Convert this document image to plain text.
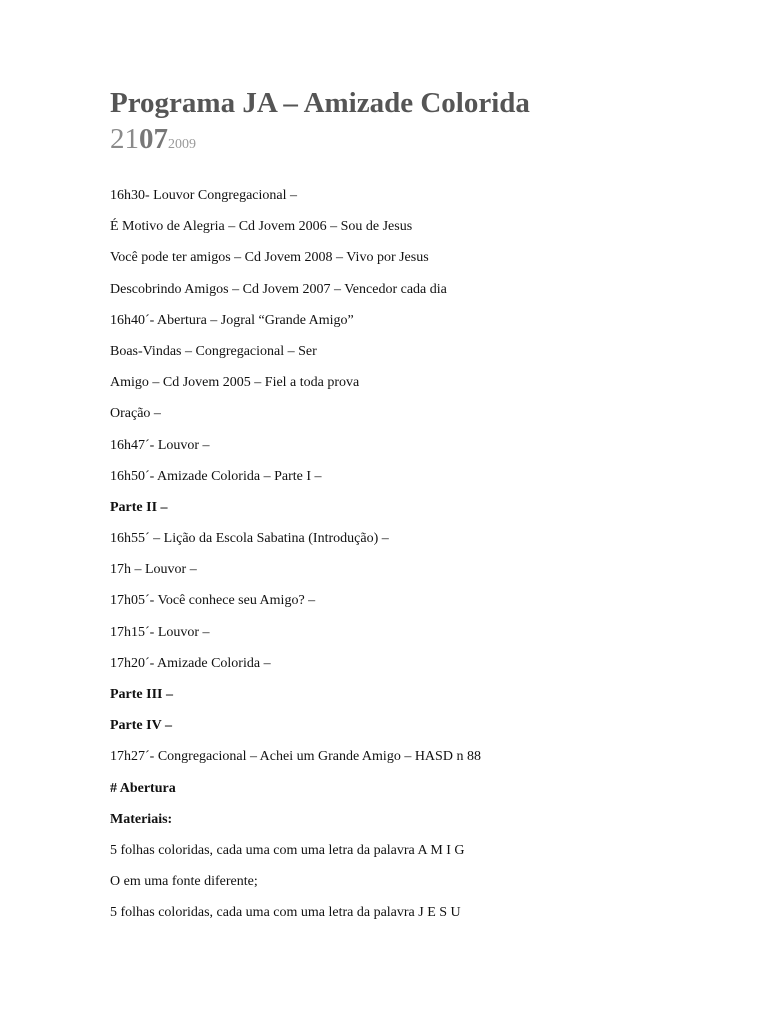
Programa JA – Amizade Colorida
21072009
16h30- Louvor Congregacional –
É Motivo de Alegria – Cd Jovem 2006 – Sou de Jesus
Você pode ter amigos – Cd Jovem 2008 – Vivo por Jesus
Descobrindo Amigos – Cd Jovem 2007 – Vencedor cada dia
16h40´- Abertura – Jogral “Grande Amigo”
Boas-Vindas – Congregacional – Ser
Amigo – Cd Jovem 2005 – Fiel a toda prova
Oração –
16h47´- Louvor –
16h50´- Amizade Colorida – Parte I –
Parte II –
16h55´ – Lição da Escola Sabatina (Introdução) –
17h – Louvor –
17h05´- Você conhece seu Amigo? –
17h15´- Louvor –
17h20´- Amizade Colorida –
Parte III –
Parte IV –
17h27´- Congregacional – Achei um Grande Amigo – HASD n 88
# Abertura
Materiais:
5 folhas coloridas, cada uma com uma letra da palavra A M I G
O em uma fonte diferente;
5 folhas coloridas, cada uma com uma letra da palavra J E S U
